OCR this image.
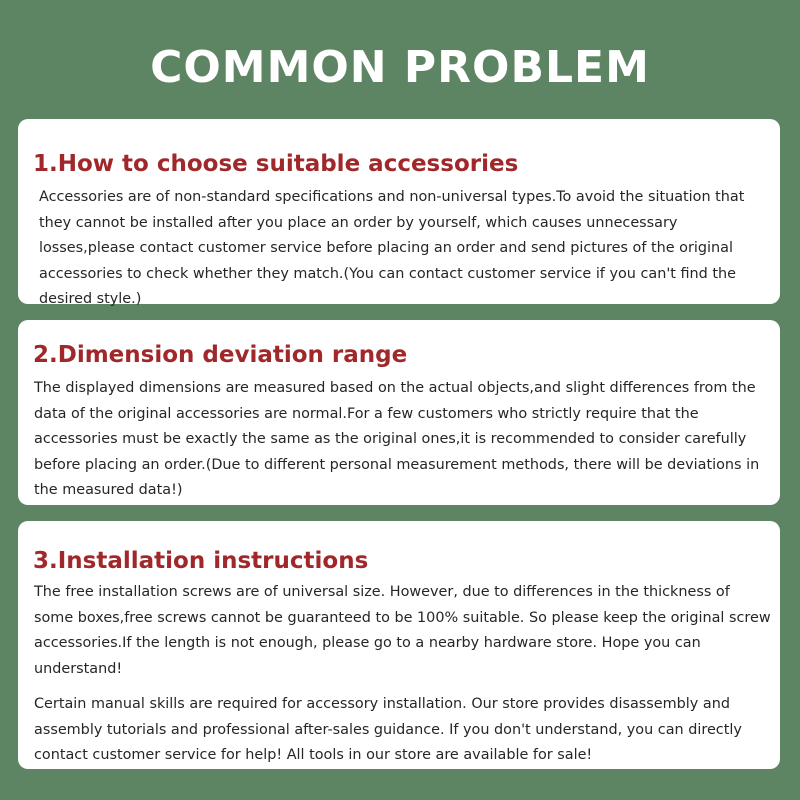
COMMON PROBLEM
1.How to choose suitable accessories

Accessories are of non-standard specifications and non-universal types.To avoid the situation that they cannot be installed after you place an order by yourself, which causes unnecessary losses,please contact customer service before placing an order and send pictures of the original accessories to check whether they match.(You can contact customer service if you can't find the desired style.)

2.Dimension deviation range

The displayed dimensions are measured based on the actual objects,and slight differences from the data of the original accessories are normal.For a few customers who strictly require that the accessories must be exactly the same as the original ones,it is recommended to consider carefully before placing an order.(Due to different personal measurement methods, there will be deviations in the measured data!)

3.Installation instructions

The free installation screws are of universal size. However, due to differences in the thickness of some boxes,free screws cannot be guaranteed to be 100% suitable. So please keep the original screw accessories.If the length is not enough, please go to a nearby hardware store. Hope you can understand!

Certain manual skills are required for accessory installation. Our store provides disassembly and assembly tutorials and professional after-sales guidance. If you don't understand, you can directly contact customer service for help! All tools in our store are available for sale!
